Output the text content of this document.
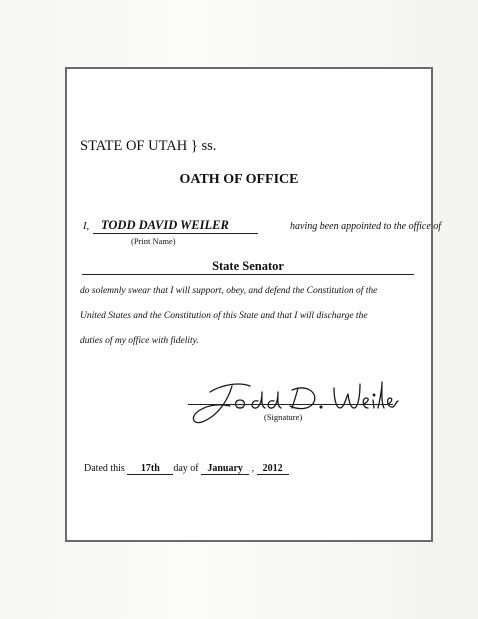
STATE OF UTAH } ss.
OATH OF OFFICE
I, TODD DAVID WEILER	having been appointed to the office of
(Print Name)
State Senator
do solemnly swear that I will support, obey, and defend the Constitution of the
United States and the Constitution of this State and that I will discharge the
duties of my office with fidelity.
(Signature)
Dated this 17th day of January , 2012
